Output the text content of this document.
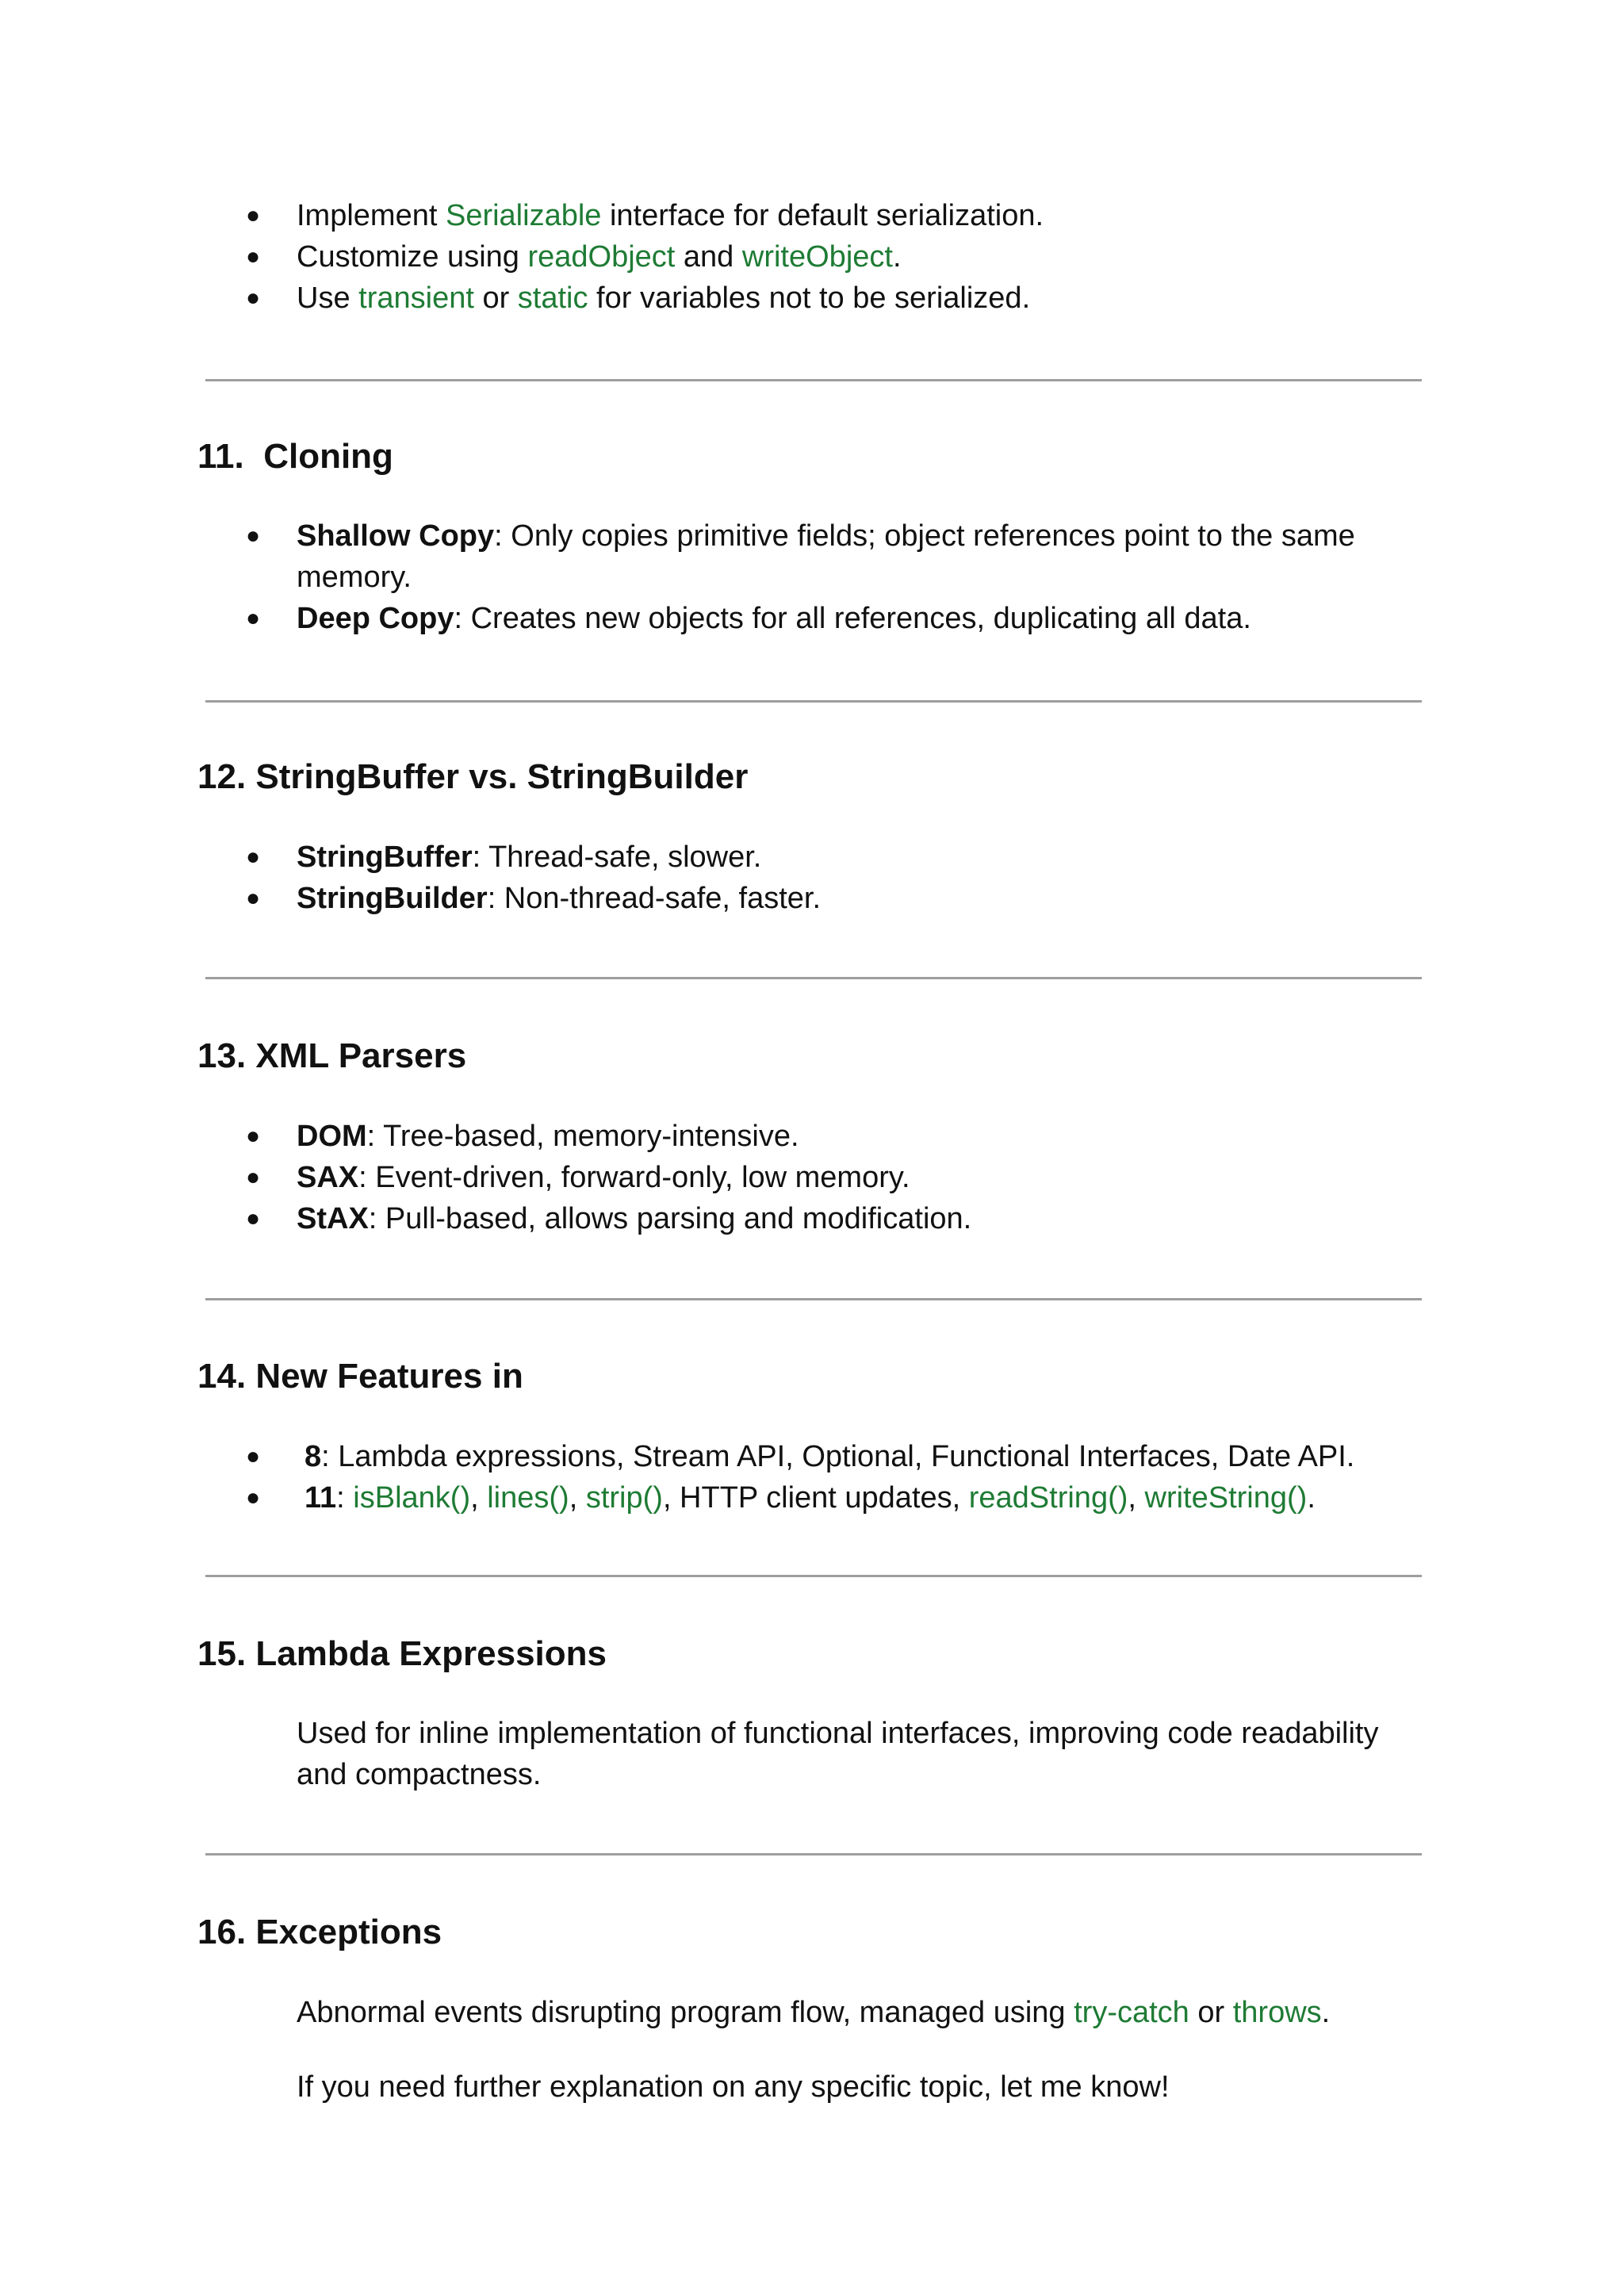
●	Implement Serializable interface for default serialization.
●	Customize using readObject and writeObject.
●	Use transient or static for variables not to be serialized.
11.  Cloning
●	Shallow Copy: Only copies primitive fields; object references point to the same memory.
●	Deep Copy: Creates new objects for all references, duplicating all data.
12. StringBuffer vs. StringBuilder
●	StringBuffer: Thread-safe, slower.
●	StringBuilder: Non-thread-safe, faster.
13. XML Parsers
●	DOM: Tree-based, memory-intensive.
●	SAX: Event-driven, forward-only, low memory.
●	StAX: Pull-based, allows parsing and modification.
14. New Features in
●	8: Lambda expressions, Stream API, Optional, Functional Interfaces, Date API.
●	11: isBlank(), lines(), strip(), HTTP client updates, readString(), writeString().
15. Lambda Expressions

Used for inline implementation of functional interfaces, improving code readability and compactness.

16. Exceptions

Abnormal events disrupting program flow, managed using try-catch or throws.

If you need further explanation on any specific topic, let me know!
